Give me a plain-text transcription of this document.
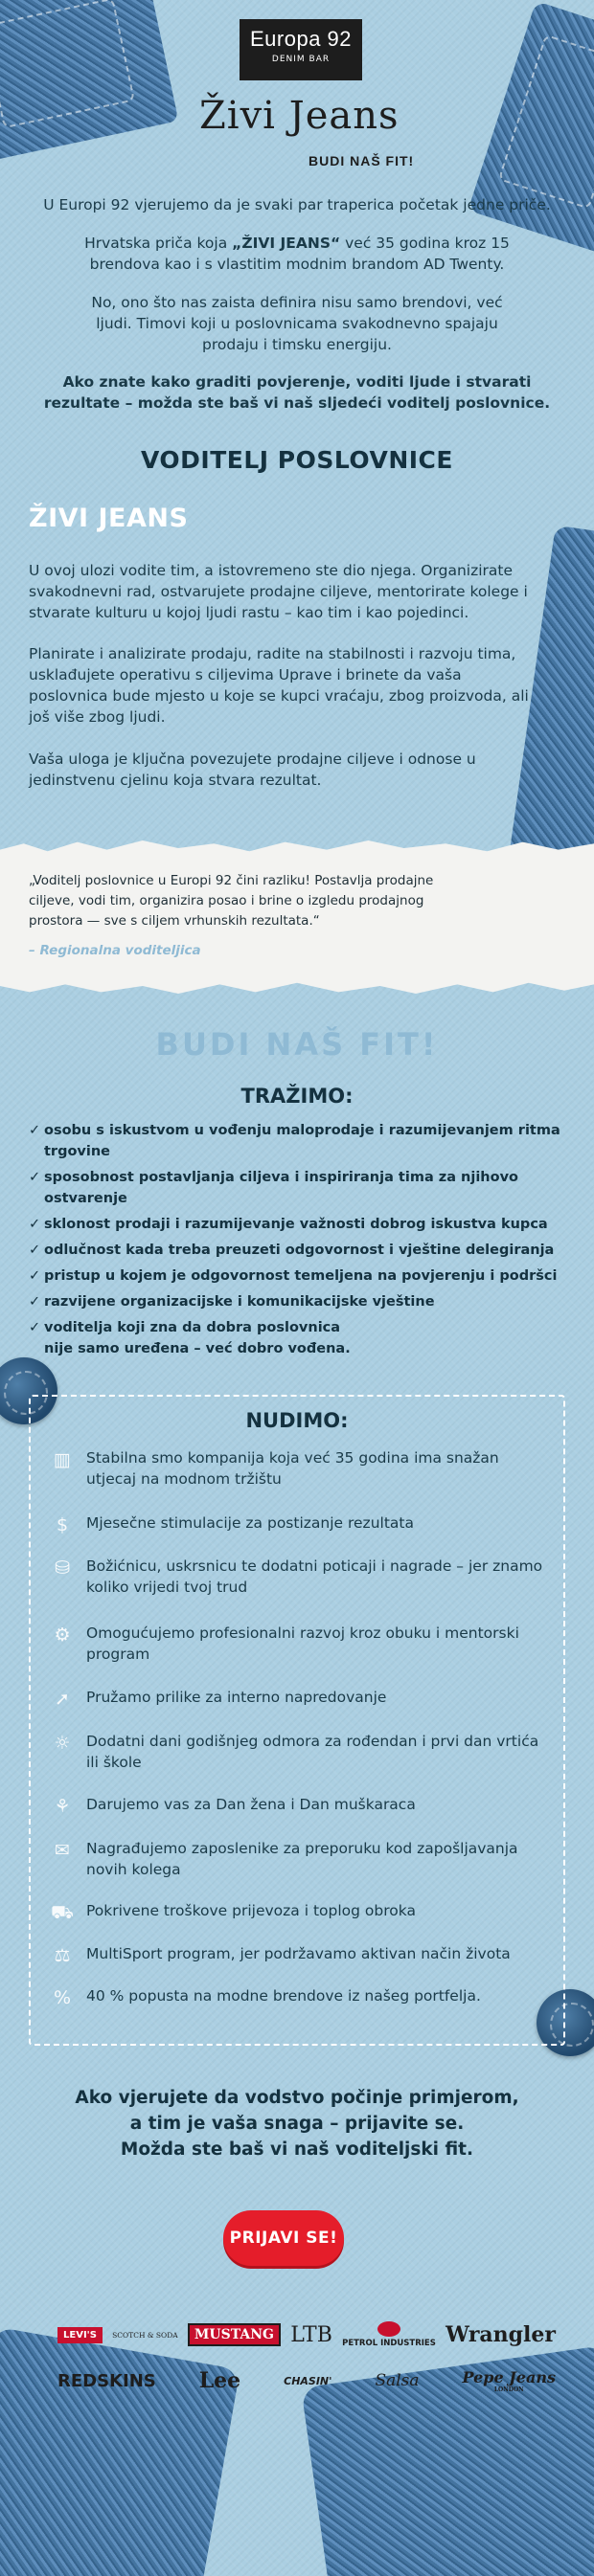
Europa 92
DENIM BAR
Živi Jeans
BUDI NAŠ FIT!

U Europi 92 vjerujemo da je svaki par traperica početak jedne priče.

Hrvatska priča koja „ŽIVI JEANS“ već 35 godina kroz 15 brendova kao i s vlastitim modnim brandom AD Twenty.

No, ono što nas zaista definira nisu samo brendovi, već ljudi. Timovi koji u poslovnicama svakodnevno spajaju prodaju i timsku energiju.

Ako znate kako graditi povjerenje, voditi ljude i stvarati rezultate – možda ste baš vi naš sljedeći voditelj poslovnice.

VODITELJ POSLOVNICE
ŽIVI JEANS

U ovoj ulozi vodite tim, a istovremeno ste dio njega. Organizirate svakodnevni rad, ostvarujete prodajne ciljeve, mentorirate kolege i stvarate kulturu u kojoj ljudi rastu – kao tim i kao pojedinci.

Planirate i analizirate prodaju, radite na stabilnosti i razvoju tima, usklađujete operativu s ciljevima Uprave i brinete da vaša poslovnica bude mjesto u koje se kupci vraćaju, zbog proizvoda, ali još više zbog ljudi.

Vaša uloga je ključna povezujete prodajne ciljeve i odnose u jedinstvenu cjelinu koja stvara rezultat.

„Voditelj poslovnice u Europi 92 čini razliku! Postavlja prodajne ciljeve, vodi tim, organizira posao i brine o izgledu prodajnog prostora — sve s ciljem vrhunskih rezultata.“

– Regionalna voditeljica

BUDI NAŠ FIT!
TRAŽIMO:
✓ osobu s iskustvom u vođenju maloprodaje i razumijevanjem ritma trgovine
✓ sposobnost postavljanja ciljeva i inspiriranja tima za njihovo ostvarenje
✓ sklonost prodaji i razumijevanje važnosti dobrog iskustva kupca
✓ odlučnost kada treba preuzeti odgovornost i vještine delegiranja
✓ pristup u kojem je odgovornost temeljena na povjerenju i podršci
✓ razvijene organizacijske i komunikacijske vještine
✓ voditelja koji zna da dobra poslovnica nije samo uređena – već dobro vođena.
NUDIMO:
▥ Stabilna smo kompanija koja već 35 godina ima snažan utjecaj na modnom tržištu
$	Mjesečne stimulacije za postizanje rezultata
⛁	Božićnicu, uskrsnicu te dodatni poticaji i nagrade – jer znamo koliko vrijedi tvoj trud
⚙ Omogućujemo profesionalni razvoj kroz obuku i mentorski program
➚	Pružamo prilike za interno napredovanje
☼ Dodatni dani godišnjeg odmora za rođendan i prvi dan vrtića ili škole
⚘ Darujemo vas za Dan žena i Dan muškaraca
✉	Nagrađujemo zaposlenike za preporuku kod zapošljavanja novih kolega
⛟ Pokrivene troškove prijevoza i toplog obroka
⚖ MultiSport program, jer podržavamo aktivan način života
% 40 % popusta na modne brendove iz našeg portfelja.

Ako vjerujete da vodstvo počinje primjerom,

a tim je vaša snaga – prijavite se.

Možda ste baš vi naš voditeljski fit.

PRIJAVI SE!
LEVI'S	SCOTCH & SODA	MUSTANG LTB PETROL INDUSTRIES Wrangler
REDSKINS Lee	CHASIN'	Salsa	Pepe Jeans
LONDON
